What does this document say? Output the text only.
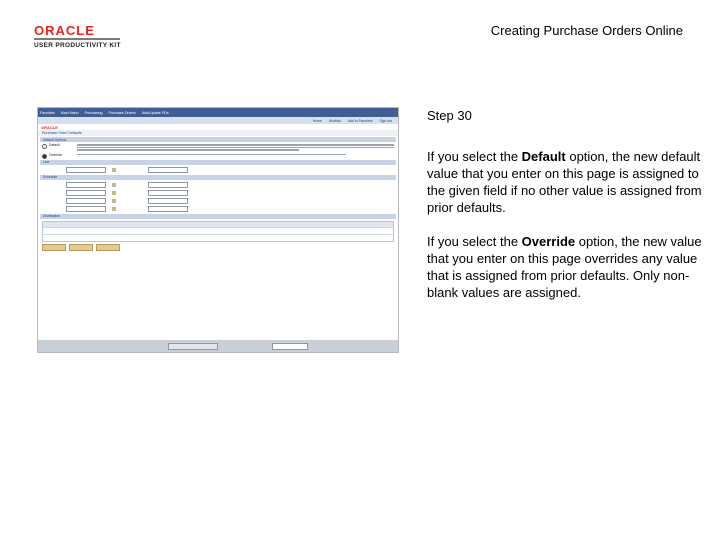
ORACLE
USER PRODUCTIVITY KIT
Creating Purchase Orders Online
Favorites Main Menu Purchasing Purchase Orders Add/Update POs
Home Worklist Add to Favorites Sign out
ORACLE
Purchase Order Defaults
Default Options
Default
Override
Line
Schedule
Distribution
Step 30
If you select the Default option, the new default value that you enter on this page is assigned to the given field if no other value is assigned from prior defaults.
If you select the Override option, the new value that you enter on this page overrides any value that is assigned from prior defaults. Only non-blank values are assigned.
